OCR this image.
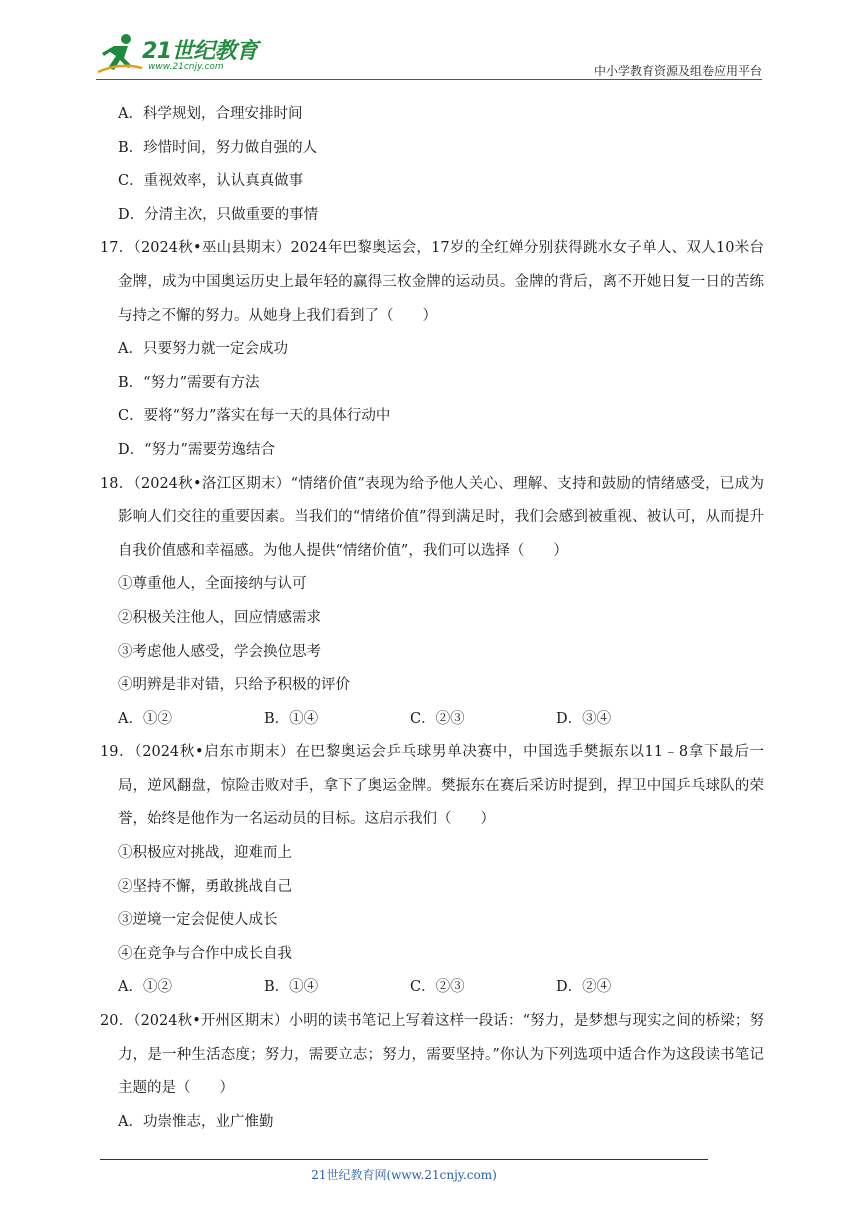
21世纪教育
www.21cnjy.com	中小学教育资源及组卷应用平台
A．科学规划，合理安排时间
B．珍惜时间，努力做自强的人
C．重视效率，认认真真做事
D．分清主次，只做重要的事情
17．（2024秋•巫山县期末）2024年巴黎奥运会，17岁的全红婵分别获得跳水女子单人、双人10米台金牌，成为中国奥运历史上最年轻的赢得三枚金牌的运动员。金牌的背后，离不开她日复一日的苦练与持之不懈的努力。从她身上我们看到了（　　）
A．只要努力就一定会成功
B．“努力”需要有方法
C．要将“努力”落实在每一天的具体行动中
D．“努力”需要劳逸结合
18．（2024秋•洛江区期末）“情绪价值”表现为给予他人关心、理解、支持和鼓励的情绪感受，已成为影响人们交往的重要因素。当我们的“情绪价值”得到满足时，我们会感到被重视、被认可，从而提升自我价值感和幸福感。为他人提供“情绪价值”，我们可以选择（　　）
①尊重他人，全面接纳与认可
②积极关注他人，回应情感需求
③考虑他人感受，学会换位思考
④明辨是非对错，只给予积极的评价
A．①②	B．①④	C．②③	D．③④
19．（2024秋•启东市期末）在巴黎奥运会乒乓球男单决赛中，中国选手樊振东以11﹣8拿下最后一局，逆风翻盘，惊险击败对手，拿下了奥运金牌。樊振东在赛后采访时提到，捍卫中国乒乓球队的荣誉，始终是他作为一名运动员的目标。这启示我们（　　）
①积极应对挑战，迎难而上
②坚持不懈，勇敢挑战自己
③逆境一定会促使人成长
④在竞争与合作中成长自我
A．①②	B．①④	C．②③	D．②④
20．（2024秋•开州区期末）小明的读书笔记上写着这样一段话：“努力，是梦想与现实之间的桥梁；努力，是一种生活态度；努力，需要立志；努力，需要坚持。”你认为下列选项中适合作为这段读书笔记主题的是（　　）
A．功崇惟志，业广惟勤
21世纪教育网(www.21cnjy.com)
